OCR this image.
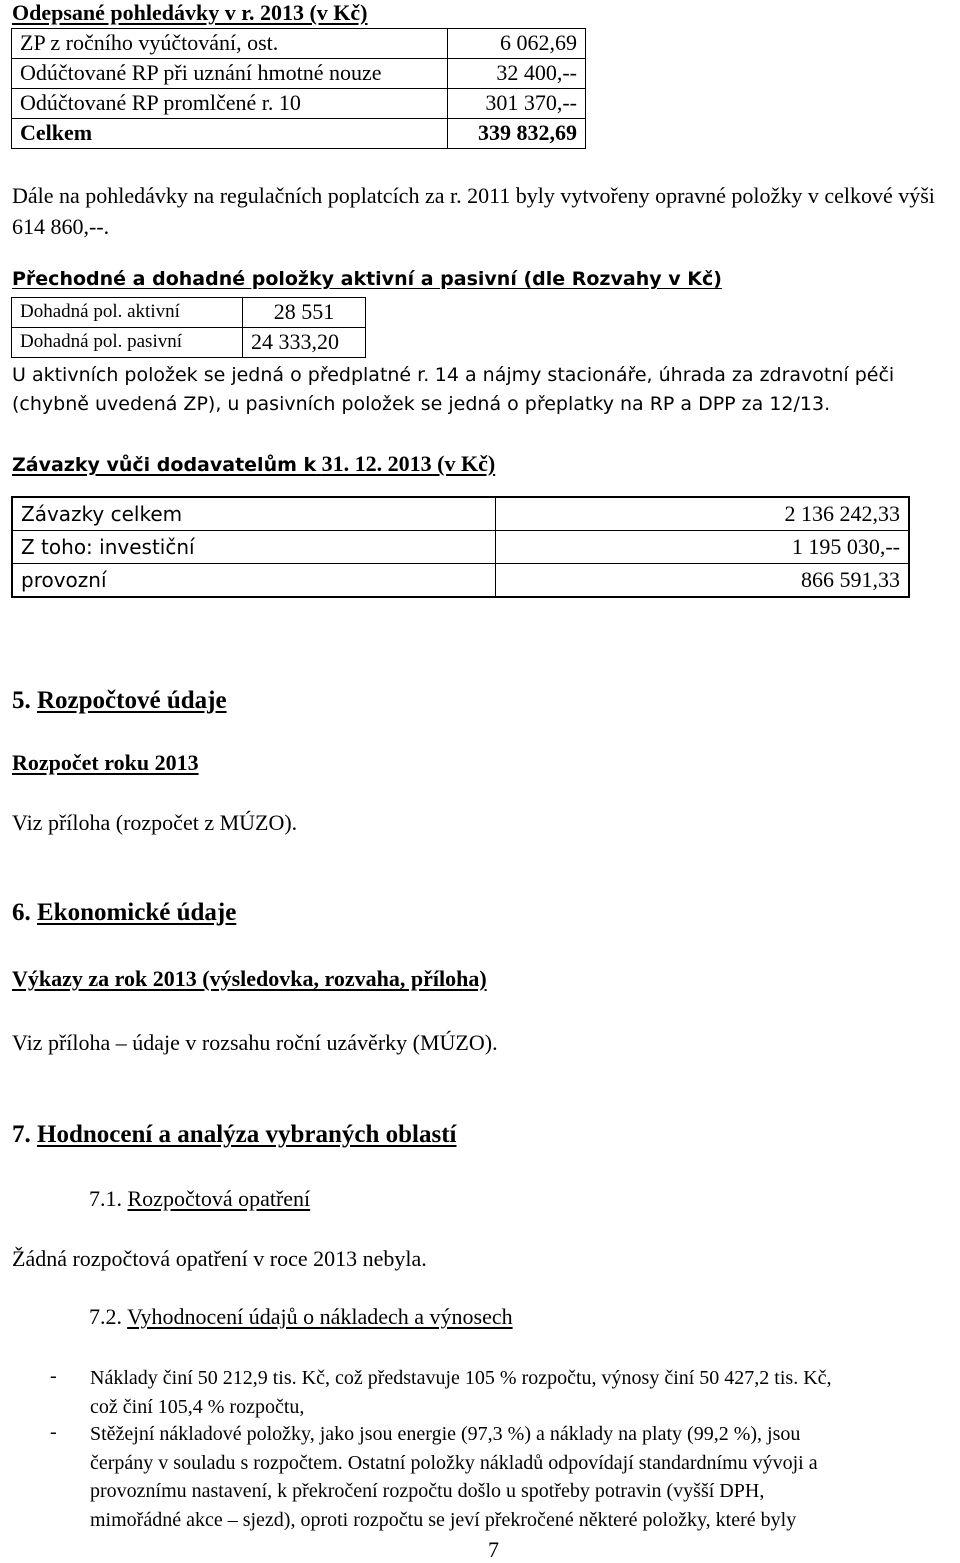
Odepsané pohledávky v r. 2013 (v Kč)
ZP z ročního vyúčtování, ost.	6 062,69
Odúčtované RP při uznání hmotné nouze	32 400,--
Odúčtované RP promlčené r. 10	301 370,--
Celkem	339 832,69
Dále na pohledávky na regulačních poplatcích za r. 2011 byly vytvořeny opravné položky v celkové výši 614 860,--.
Přechodné a dohadné položky aktivní a pasivní (dle Rozvahy v Kč)
Dohadná pol. aktivní	28 551
Dohadná pol. pasivní	24 333,20
U aktivních položek se jedná o předplatné r. 14 a nájmy stacionáře, úhrada za zdravotní péči
(chybně uvedená ZP), u pasivních položek se jedná o přeplatky na RP a DPP za 12/13.
Závazky vůči dodavatelům k 31. 12. 2013 (v Kč)
Závazky celkem	2 136 242,33
Z toho: investiční	1 195 030,--
provozní	866 591,33
5. Rozpočtové údaje
Rozpočet roku 2013
Viz příloha (rozpočet z MÚZO).
6. Ekonomické údaje
Výkazy za rok 2013 (výsledovka, rozvaha, příloha)
Viz příloha – údaje v rozsahu roční uzávěrky (MÚZO).
7. Hodnocení a analýza vybraných oblastí
7.1. Rozpočtová opatření
Žádná rozpočtová opatření v roce 2013 nebyla.
7.2. Vyhodnocení údajů o nákladech a výnosech
- Náklady činí 50 212,9 tis. Kč, což představuje 105 % rozpočtu, výnosy činí 50 427,2 tis. Kč,
což činí 105,4 % rozpočtu,
- Stěžejní nákladové položky, jako jsou energie (97,3 %) a náklady na platy (99,2 %), jsou
čerpány v souladu s rozpočtem. Ostatní položky nákladů odpovídají standardnímu vývoji a
provoznímu nastavení, k překročení rozpočtu došlo u spotřeby potravin (vyšší DPH,
mimořádné akce – sjezd), oproti rozpočtu se jeví překročené některé položky, které byly
7
